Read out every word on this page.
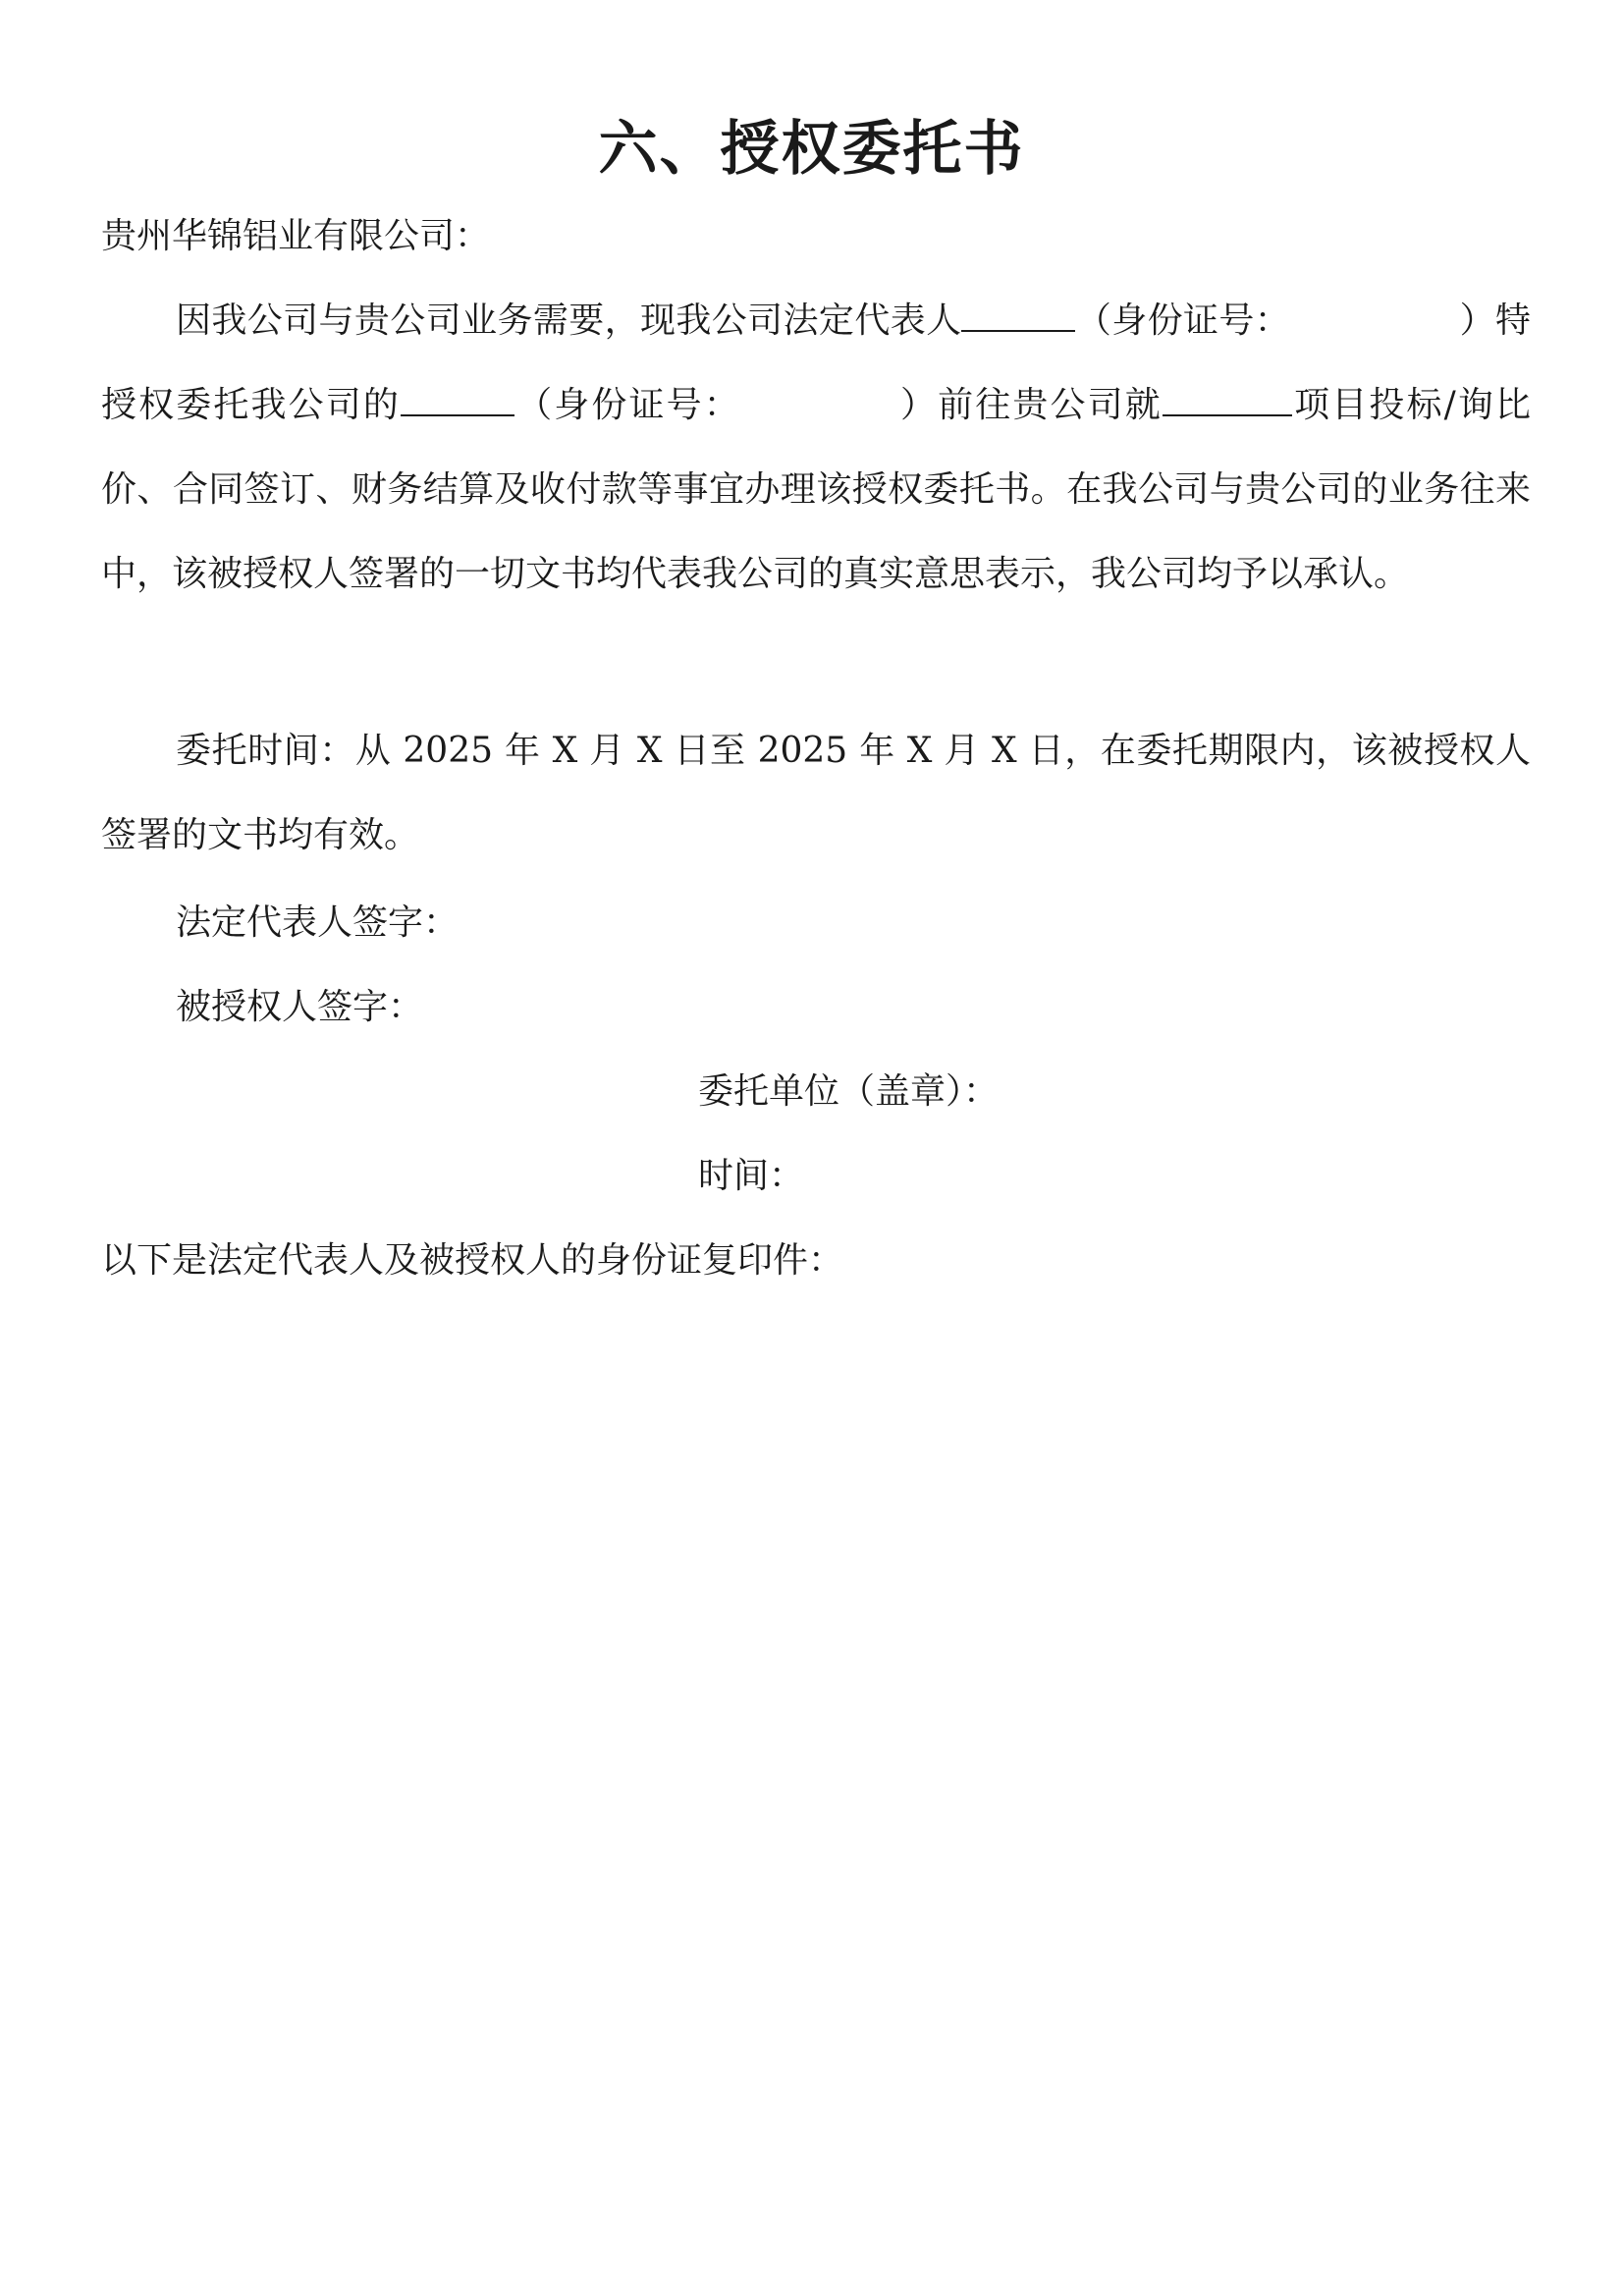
六、授权委托书
贵州华锦铝业有限公司：
因我公司与贵公司业务需要，现我公司法定代表人	（身份证号：	）特授权委托我公司的	（身份证号：	）前往贵公司就	项目投标/询比价、合同签订、财务结算及收付款等事宜办理该授权委托书。在我公司与贵公司的业务往来中，该被授权人签署的一切文书均代表我公司的真实意思表示，我公司均予以承认。
委托时间：从 2025 年 X 月 X 日至 2025 年 X 月 X 日，在委托期限内，该被授权人签署的文书均有效。
法定代表人签字：
被授权人签字：
委托单位（盖章）：
时间：
以下是法定代表人及被授权人的身份证复印件：
